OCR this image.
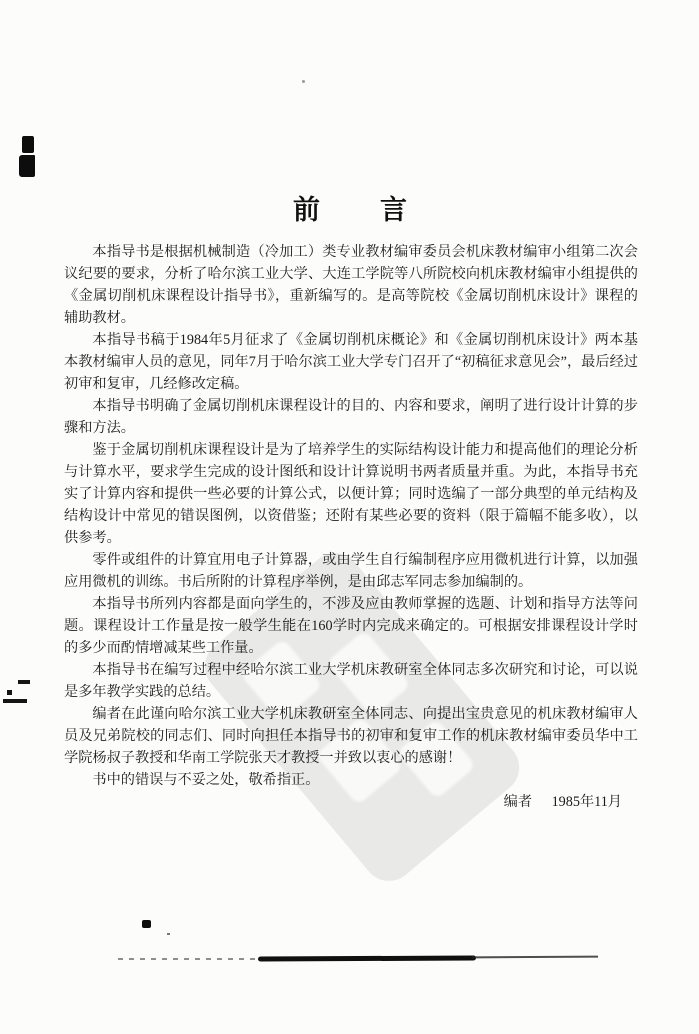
前　　言

本指导书是根据机械制造（冷加工）类专业教材编审委员会机床教材编审小组第二次会议纪要的要求，分析了哈尔滨工业大学、大连工学院等八所院校向机床教材编审小组提供的《金属切削机床课程设计指导书》，重新编写的。是高等院校《金属切削机床设计》课程的辅助教材。

本指导书稿于1984年5月征求了《金属切削机床概论》和《金属切削机床设计》两本基本教材编审人员的意见，同年7月于哈尔滨工业大学专门召开了“初稿征求意见会”，最后经过初审和复审，几经修改定稿。

本指导书明确了金属切削机床课程设计的目的、内容和要求，阐明了进行设计计算的步骤和方法。

鉴于金属切削机床课程设计是为了培养学生的实际结构设计能力和提高他们的理论分析与计算水平，要求学生完成的设计图纸和设计计算说明书两者质量并重。为此，本指导书充实了计算内容和提供一些必要的计算公式，以便计算；同时选编了一部分典型的单元结构及结构设计中常见的错误图例，以资借鉴；还附有某些必要的资料（限于篇幅不能多收），以供参考。

零件或组件的计算宜用电子计算器，或由学生自行编制程序应用微机进行计算，以加强应用微机的训练。书后所附的计算程序举例，是由邱志军同志参加编制的。

本指导书所列内容都是面向学生的，不涉及应由教师掌握的选题、计划和指导方法等问题。课程设计工作量是按一般学生能在160学时内完成来确定的。可根据安排课程设计学时的多少而酌情增减某些工作量。

本指导书在编写过程中经哈尔滨工业大学机床教研室全体同志多次研究和讨论，可以说是多年教学实践的总结。

编者在此谨向哈尔滨工业大学机床教研室全体同志、向提出宝贵意见的机床教材编审人员及兄弟院校的同志们、同时向担任本指导书的初审和复审工作的机床教材编审委员华中工学院杨叔子教授和华南工学院张天才教授一并致以衷心的感谢！

书中的错误与不妥之处，敬希指正。

编者 1985年11月
